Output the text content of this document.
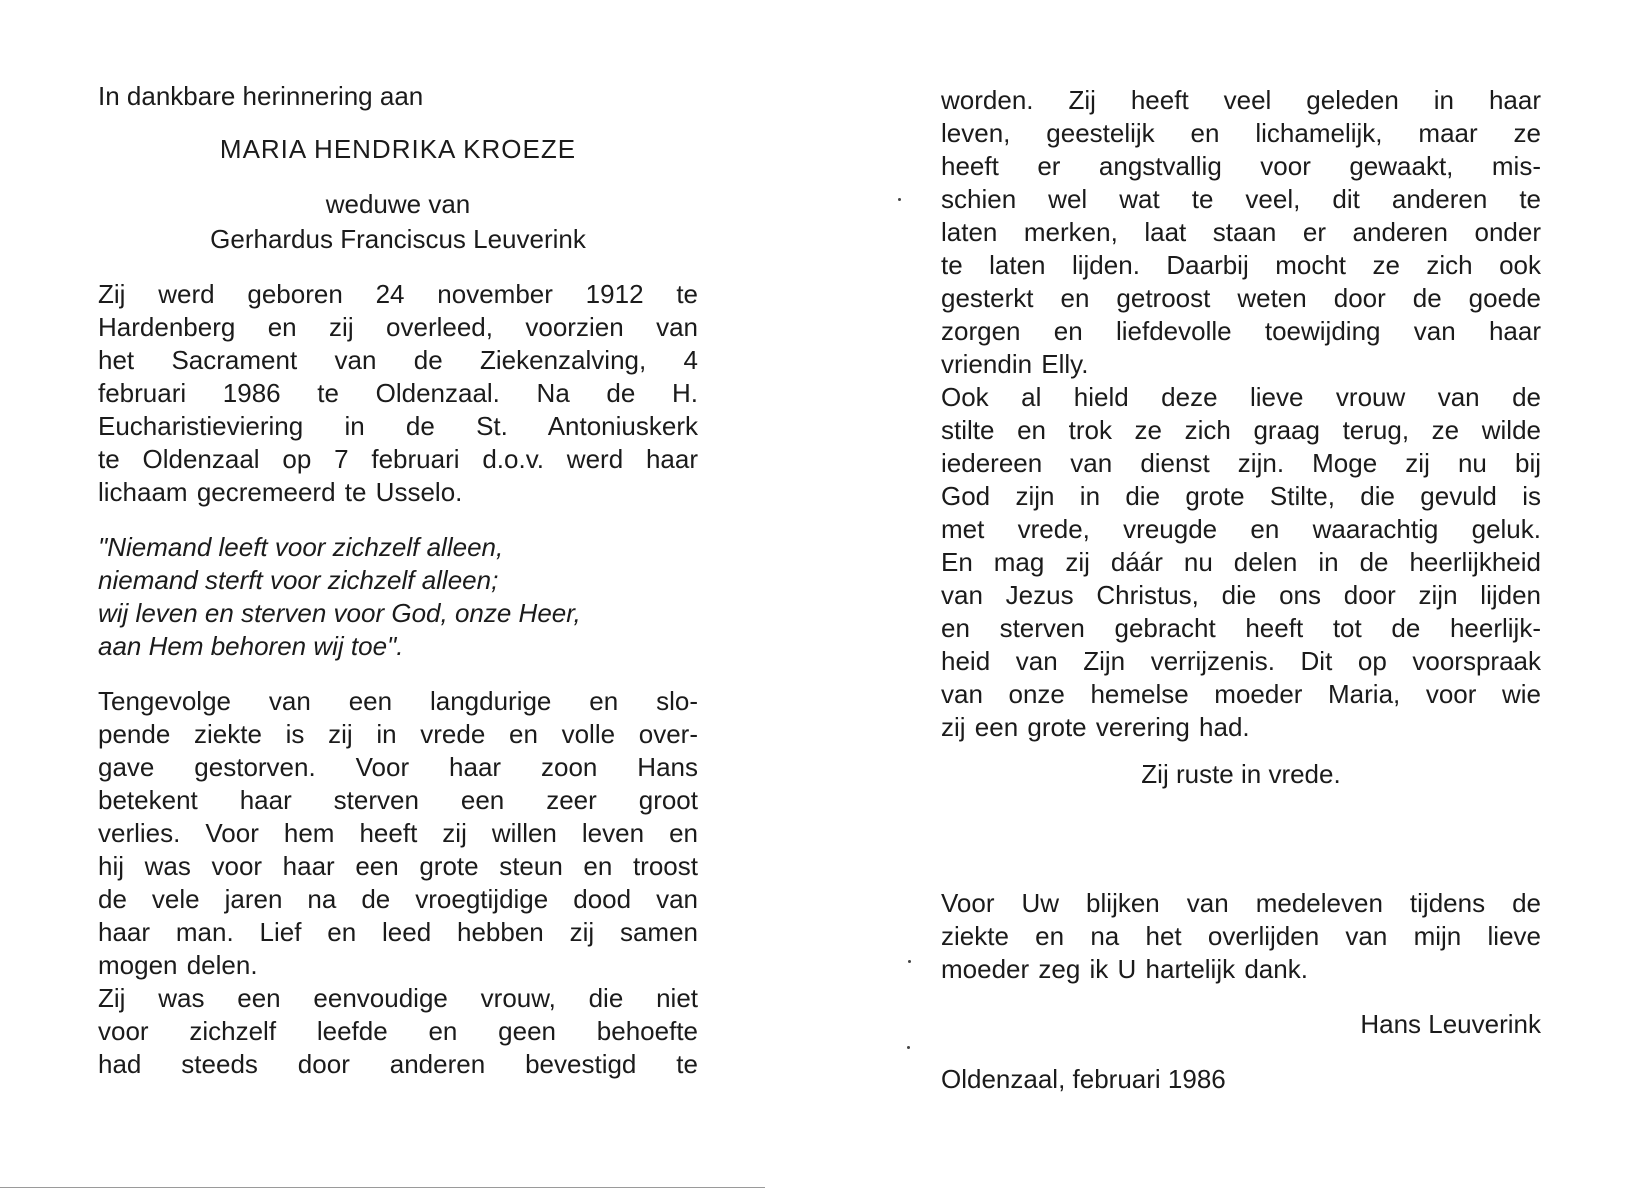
In dankbare herinnering aan
MARIA HENDRIKA KROEZE
weduwe van
Gerhardus Franciscus Leuverink
Zij werd geboren 24 november 1912 te
Hardenberg en zij overleed, voorzien van
het Sacrament van de Ziekenzalving, 4
februari 1986 te Oldenzaal. Na de H.
Eucharistieviering in de St. Antoniuskerk
te Oldenzaal op 7 februari d.o.v. werd haar
lichaam gecremeerd te Usselo.
"Niemand leeft voor zichzelf alleen,
niemand sterft voor zichzelf alleen;
wij leven en sterven voor God, onze Heer,
aan Hem behoren wij toe".
Tengevolge van een langdurige en slo-
pende ziekte is zij in vrede en volle over-
gave gestorven. Voor haar zoon Hans
betekent haar sterven een zeer groot
verlies. Voor hem heeft zij willen leven en
hij was voor haar een grote steun en troost
de vele jaren na de vroegtijdige dood van
haar man. Lief en leed hebben zij samen
mogen delen.
Zij was een eenvoudige vrouw, die niet
voor zichzelf leefde en geen behoefte
had steeds door anderen bevestigd te
worden. Zij heeft veel geleden in haar
leven, geestelijk en lichamelijk, maar ze
heeft er angstvallig voor gewaakt, mis-
schien wel wat te veel, dit anderen te
laten merken, laat staan er anderen onder
te laten lijden. Daarbij mocht ze zich ook
gesterkt en getroost weten door de goede
zorgen en liefdevolle toewijding van haar
vriendin Elly.
Ook al hield deze lieve vrouw van de
stilte en trok ze zich graag terug, ze wilde
iedereen van dienst zijn. Moge zij nu bij
God zijn in die grote Stilte, die gevuld is
met vrede, vreugde en waarachtig geluk.
En mag zij dáár nu delen in de heerlijkheid
van Jezus Christus, die ons door zijn lijden
en sterven gebracht heeft tot de heerlijk-
heid van Zijn verrijzenis. Dit op voorspraak
van onze hemelse moeder Maria, voor wie
zij een grote verering had.
Zij ruste in vrede.
Voor Uw blijken van medeleven tijdens de
ziekte en na het overlijden van mijn lieve
moeder zeg ik U hartelijk dank.
Hans Leuverink
Oldenzaal, februari 1986
